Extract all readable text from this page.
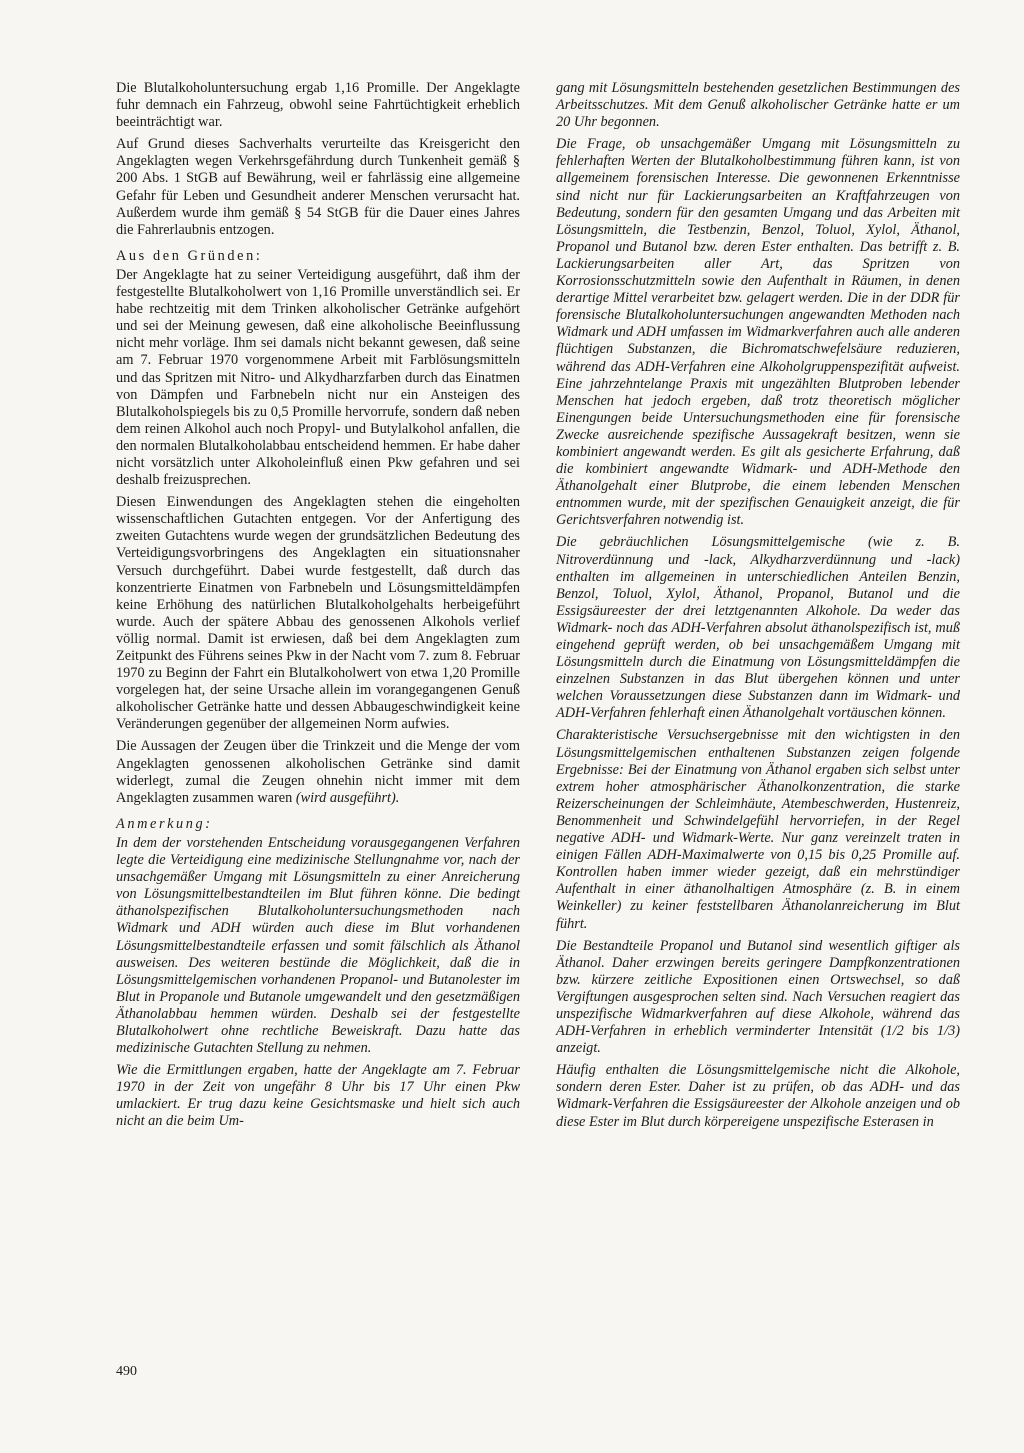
Die Blutalkoholuntersuchung ergab 1,16 Promille. Der Angeklagte fuhr demnach ein Fahrzeug, obwohl seine Fahrtüchtigkeit erheblich beeinträchtigt war.

Auf Grund dieses Sachverhalts verurteilte das Kreisgericht den Angeklagten wegen Verkehrsgefährdung durch Tunkenheit gemäß § 200 Abs. 1 StGB auf Bewährung, weil er fahrlässig eine allgemeine Gefahr für Leben und Gesundheit anderer Menschen verursacht hat. Außerdem wurde ihm gemäß § 54 StGB für die Dauer eines Jahres die Fahrerlaubnis entzogen.

Aus den Gründen:

Der Angeklagte hat zu seiner Verteidigung ausgeführt, daß ihm der festgestellte Blutalkoholwert von 1,16 Promille unverständlich sei. Er habe rechtzeitig mit dem Trinken alkoholischer Getränke aufgehört und sei der Meinung gewesen, daß eine alkoholische Beeinflussung nicht mehr vorläge. Ihm sei damals nicht bekannt gewesen, daß seine am 7. Februar 1970 vorgenommene Arbeit mit Farblösungsmitteln und das Spritzen mit Nitro- und Alkydharzfarben durch das Einatmen von Dämpfen und Farbnebeln nicht nur ein Ansteigen des Blutalkoholspiegels bis zu 0,5 Promille hervorrufe, sondern daß neben dem reinen Alkohol auch noch Propyl- und Butylalkohol anfallen, die den normalen Blutalkoholabbau entscheidend hemmen. Er habe daher nicht vorsätzlich unter Alkoholeinfluß einen Pkw gefahren und sei deshalb freizusprechen.

Diesen Einwendungen des Angeklagten stehen die eingeholten wissenschaftlichen Gutachten entgegen. Vor der Anfertigung des zweiten Gutachtens wurde wegen der grundsätzlichen Bedeutung des Verteidigungsvorbringens des Angeklagten ein situationsnaher Versuch durchgeführt. Dabei wurde festgestellt, daß durch das konzentrierte Einatmen von Farbnebeln und Lösungsmitteldämpfen keine Erhöhung des natürlichen Blutalkoholgehalts herbeigeführt wurde. Auch der spätere Abbau des genossenen Alkohols verlief völlig normal. Damit ist erwiesen, daß bei dem Angeklagten zum Zeitpunkt des Führens seines Pkw in der Nacht vom 7. zum 8. Februar 1970 zu Beginn der Fahrt ein Blutalkoholwert von etwa 1,20 Promille vorgelegen hat, der seine Ursache allein im vorangegangenen Genuß alkoholischer Getränke hatte und dessen Abbaugeschwindigkeit keine Veränderungen gegenüber der allgemeinen Norm aufwies.

Die Aussagen der Zeugen über die Trinkzeit und die Menge der vom Angeklagten genossenen alkoholischen Getränke sind damit widerlegt, zumal die Zeugen ohnehin nicht immer mit dem Angeklagten zusammen waren (wird ausgeführt).

Anmerkung:

In dem der vorstehenden Entscheidung vorausgegangenen Verfahren legte die Verteidigung eine medizinische Stellungnahme vor, nach der unsachgemäßer Umgang mit Lösungsmitteln zu einer Anreicherung von Lösungsmittelbestandteilen im Blut führen könne. Die bedingt äthanolspezifischen Blutalkoholuntersuchungsmethoden nach Widmark und ADH würden auch diese im Blut vorhandenen Lösungsmittelbestandteile erfassen und somit fälschlich als Äthanol ausweisen. Des weiteren bestünde die Möglichkeit, daß die in Lösungsmittelgemischen vorhandenen Propanol- und Butanolester im Blut in Propanole und Butanole umgewandelt und den gesetzmäßigen Äthanolabbau hemmen würden. Deshalb sei der festgestellte Blutalkoholwert ohne rechtliche Beweiskraft. Dazu hatte das medizinische Gutachten Stellung zu nehmen.

Wie die Ermittlungen ergaben, hatte der Angeklagte am 7. Februar 1970 in der Zeit von ungefähr 8 Uhr bis 17 Uhr einen Pkw umlackiert. Er trug dazu keine Gesichtsmaske und hielt sich auch nicht an die beim Um-

gang mit Lösungsmitteln bestehenden gesetzlichen Bestimmungen des Arbeitsschutzes. Mit dem Genuß alkoholischer Getränke hatte er um 20 Uhr begonnen.

Die Frage, ob unsachgemäßer Umgang mit Lösungsmitteln zu fehlerhaften Werten der Blutalkoholbestimmung führen kann, ist von allgemeinem forensischen Interesse. Die gewonnenen Erkenntnisse sind nicht nur für Lackierungsarbeiten an Kraftfahrzeugen von Bedeutung, sondern für den gesamten Umgang und das Arbeiten mit Lösungsmitteln, die Testbenzin, Benzol, Toluol, Xylol, Äthanol, Propanol und Butanol bzw. deren Ester enthalten. Das betrifft z. B. Lackierungsarbeiten aller Art, das Spritzen von Korrosionsschutzmitteln sowie den Aufenthalt in Räumen, in denen derartige Mittel verarbeitet bzw. gelagert werden. Die in der DDR für forensische Blutalkoholuntersuchungen angewandten Methoden nach Widmark und ADH umfassen im Widmarkverfahren auch alle anderen flüchtigen Substanzen, die Bichromatschwefelsäure reduzieren, während das ADH-Verfahren eine Alkoholgruppenspezifität aufweist. Eine jahrzehntelange Praxis mit ungezählten Blutproben lebender Menschen hat jedoch ergeben, daß trotz theoretisch möglicher Einengungen beide Untersuchungsmethoden eine für forensische Zwecke ausreichende spezifische Aussagekraft besitzen, wenn sie kombiniert angewandt werden. Es gilt als gesicherte Erfahrung, daß die kombiniert angewandte Widmark- und ADH-Methode den Äthanolgehalt einer Blutprobe, die einem lebenden Menschen entnommen wurde, mit der spezifischen Genauigkeit anzeigt, die für Gerichtsverfahren notwendig ist.

Die gebräuchlichen Lösungsmittelgemische (wie z. B. Nitroverdünnung und -lack, Alkydharzverdünnung und -lack) enthalten im allgemeinen in unterschiedlichen Anteilen Benzin, Benzol, Toluol, Xylol, Äthanol, Propanol, Butanol und die Essigsäureester der drei letztgenannten Alkohole. Da weder das Widmark- noch das ADH-Verfahren absolut äthanolspezifisch ist, muß eingehend geprüft werden, ob bei unsachgemäßem Umgang mit Lösungsmitteln durch die Einatmung von Lösungsmitteldämpfen die einzelnen Substanzen in das Blut übergehen können und unter welchen Voraussetzungen diese Substanzen dann im Widmark- und ADH-Verfahren fehlerhaft einen Äthanolgehalt vortäuschen können.

Charakteristische Versuchsergebnisse mit den wichtigsten in den Lösungsmittelgemischen enthaltenen Substanzen zeigen folgende Ergebnisse: Bei der Einatmung von Äthanol ergaben sich selbst unter extrem hoher atmosphärischer Äthanolkonzentration, die starke Reizerscheinungen der Schleimhäute, Atembeschwerden, Hustenreiz, Benommenheit und Schwindelgefühl hervorriefen, in der Regel negative ADH- und Widmark-Werte. Nur ganz vereinzelt traten in einigen Fällen ADH-Maximalwerte von 0,15 bis 0,25 Promille auf. Kontrollen haben immer wieder gezeigt, daß ein mehrstündiger Aufenthalt in einer äthanolhaltigen Atmosphäre (z. B. in einem Weinkeller) zu keiner feststellbaren Äthanolanreicherung im Blut führt.

Die Bestandteile Propanol und Butanol sind wesentlich giftiger als Äthanol. Daher erzwingen bereits geringere Dampfkonzentrationen bzw. kürzere zeitliche Expositionen einen Ortswechsel, so daß Vergiftungen ausgesprochen selten sind. Nach Versuchen reagiert das unspezifische Widmarkverfahren auf diese Alkohole, während das ADH-Verfahren in erheblich verminderter Intensität (1/2 bis 1/3) anzeigt.

Häufig enthalten die Lösungsmittelgemische nicht die Alkohole, sondern deren Ester. Daher ist zu prüfen, ob das ADH- und das Widmark-Verfahren die Essigsäureester der Alkohole anzeigen und ob diese Ester im Blut durch körpereigene unspezifische Esterasen in

490
